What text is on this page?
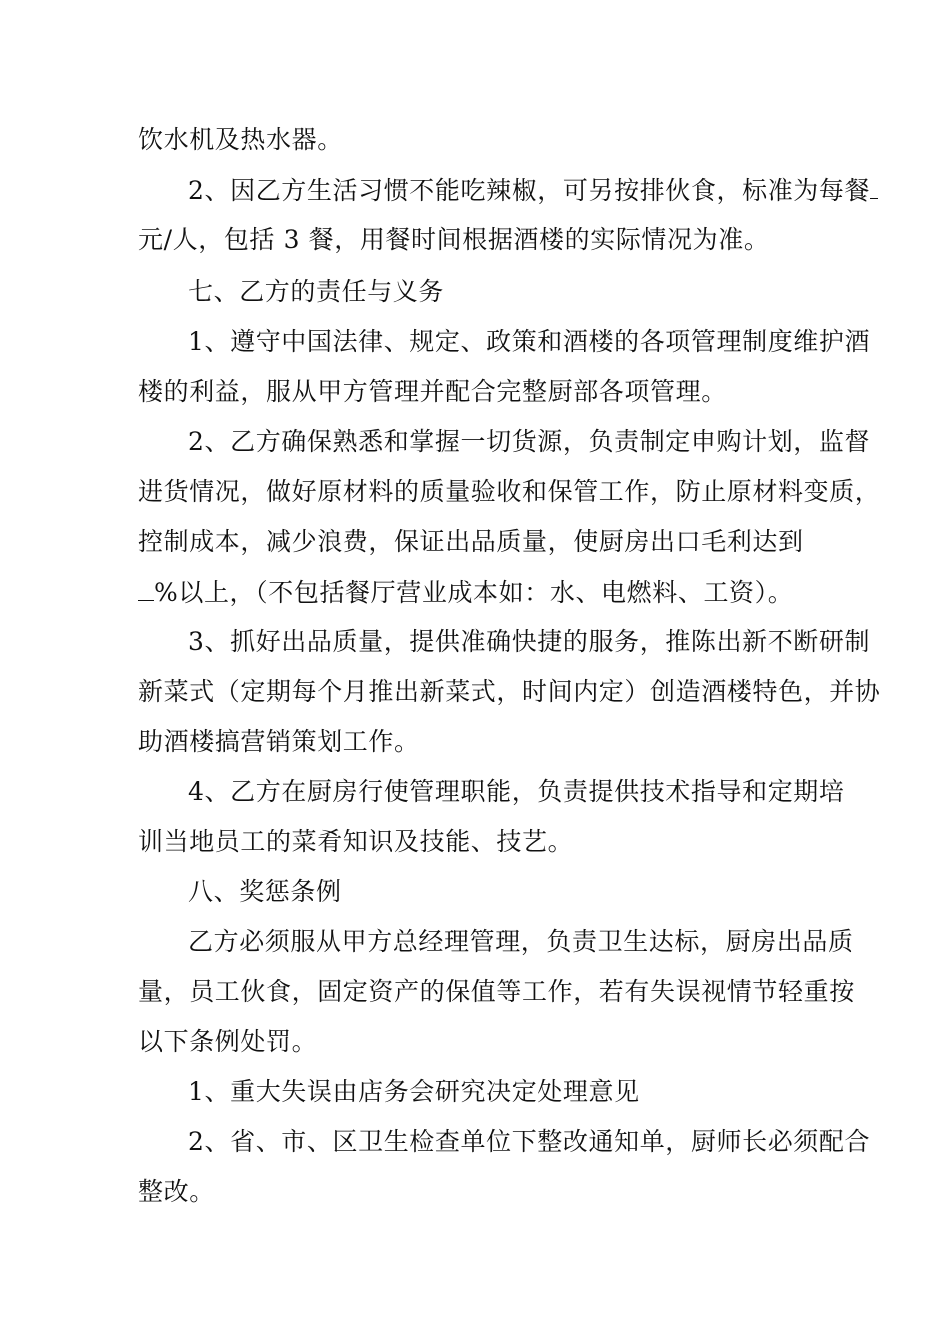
饮水机及热水器。
2、因乙方生活习惯不能吃辣椒，可另按排伙食，标准为每餐
元/人，包括 3 餐，用餐时间根据酒楼的实际情况为准。
七、乙方的责任与义务
1、遵守中国法律、规定、政策和酒楼的各项管理制度维护酒
楼的利益，服从甲方管理并配合完整厨部各项管理。
2、乙方确保熟悉和掌握一切货源，负责制定申购计划，监督
进货情况，做好原材料的质量验收和保管工作，防止原材料变质，
控制成本，减少浪费，保证出品质量，使厨房出口毛利达到
%以上，（不包括餐厅营业成本如：水、电燃料、工资）。
3、抓好出品质量，提供准确快捷的服务，推陈出新不断研制
新菜式（定期每个月推出新菜式，时间内定）创造酒楼特色，并协
助酒楼搞营销策划工作。
4、乙方在厨房行使管理职能，负责提供技术指导和定期培
训当地员工的菜肴知识及技能、技艺。
八、奖惩条例
乙方必须服从甲方总经理管理，负责卫生达标，厨房出品质
量，员工伙食，固定资产的保值等工作，若有失误视情节轻重按
以下条例处罚。
1、重大失误由店务会研究决定处理意见
2、省、市、区卫生检查单位下整改通知单，厨师长必须配合
整改。
